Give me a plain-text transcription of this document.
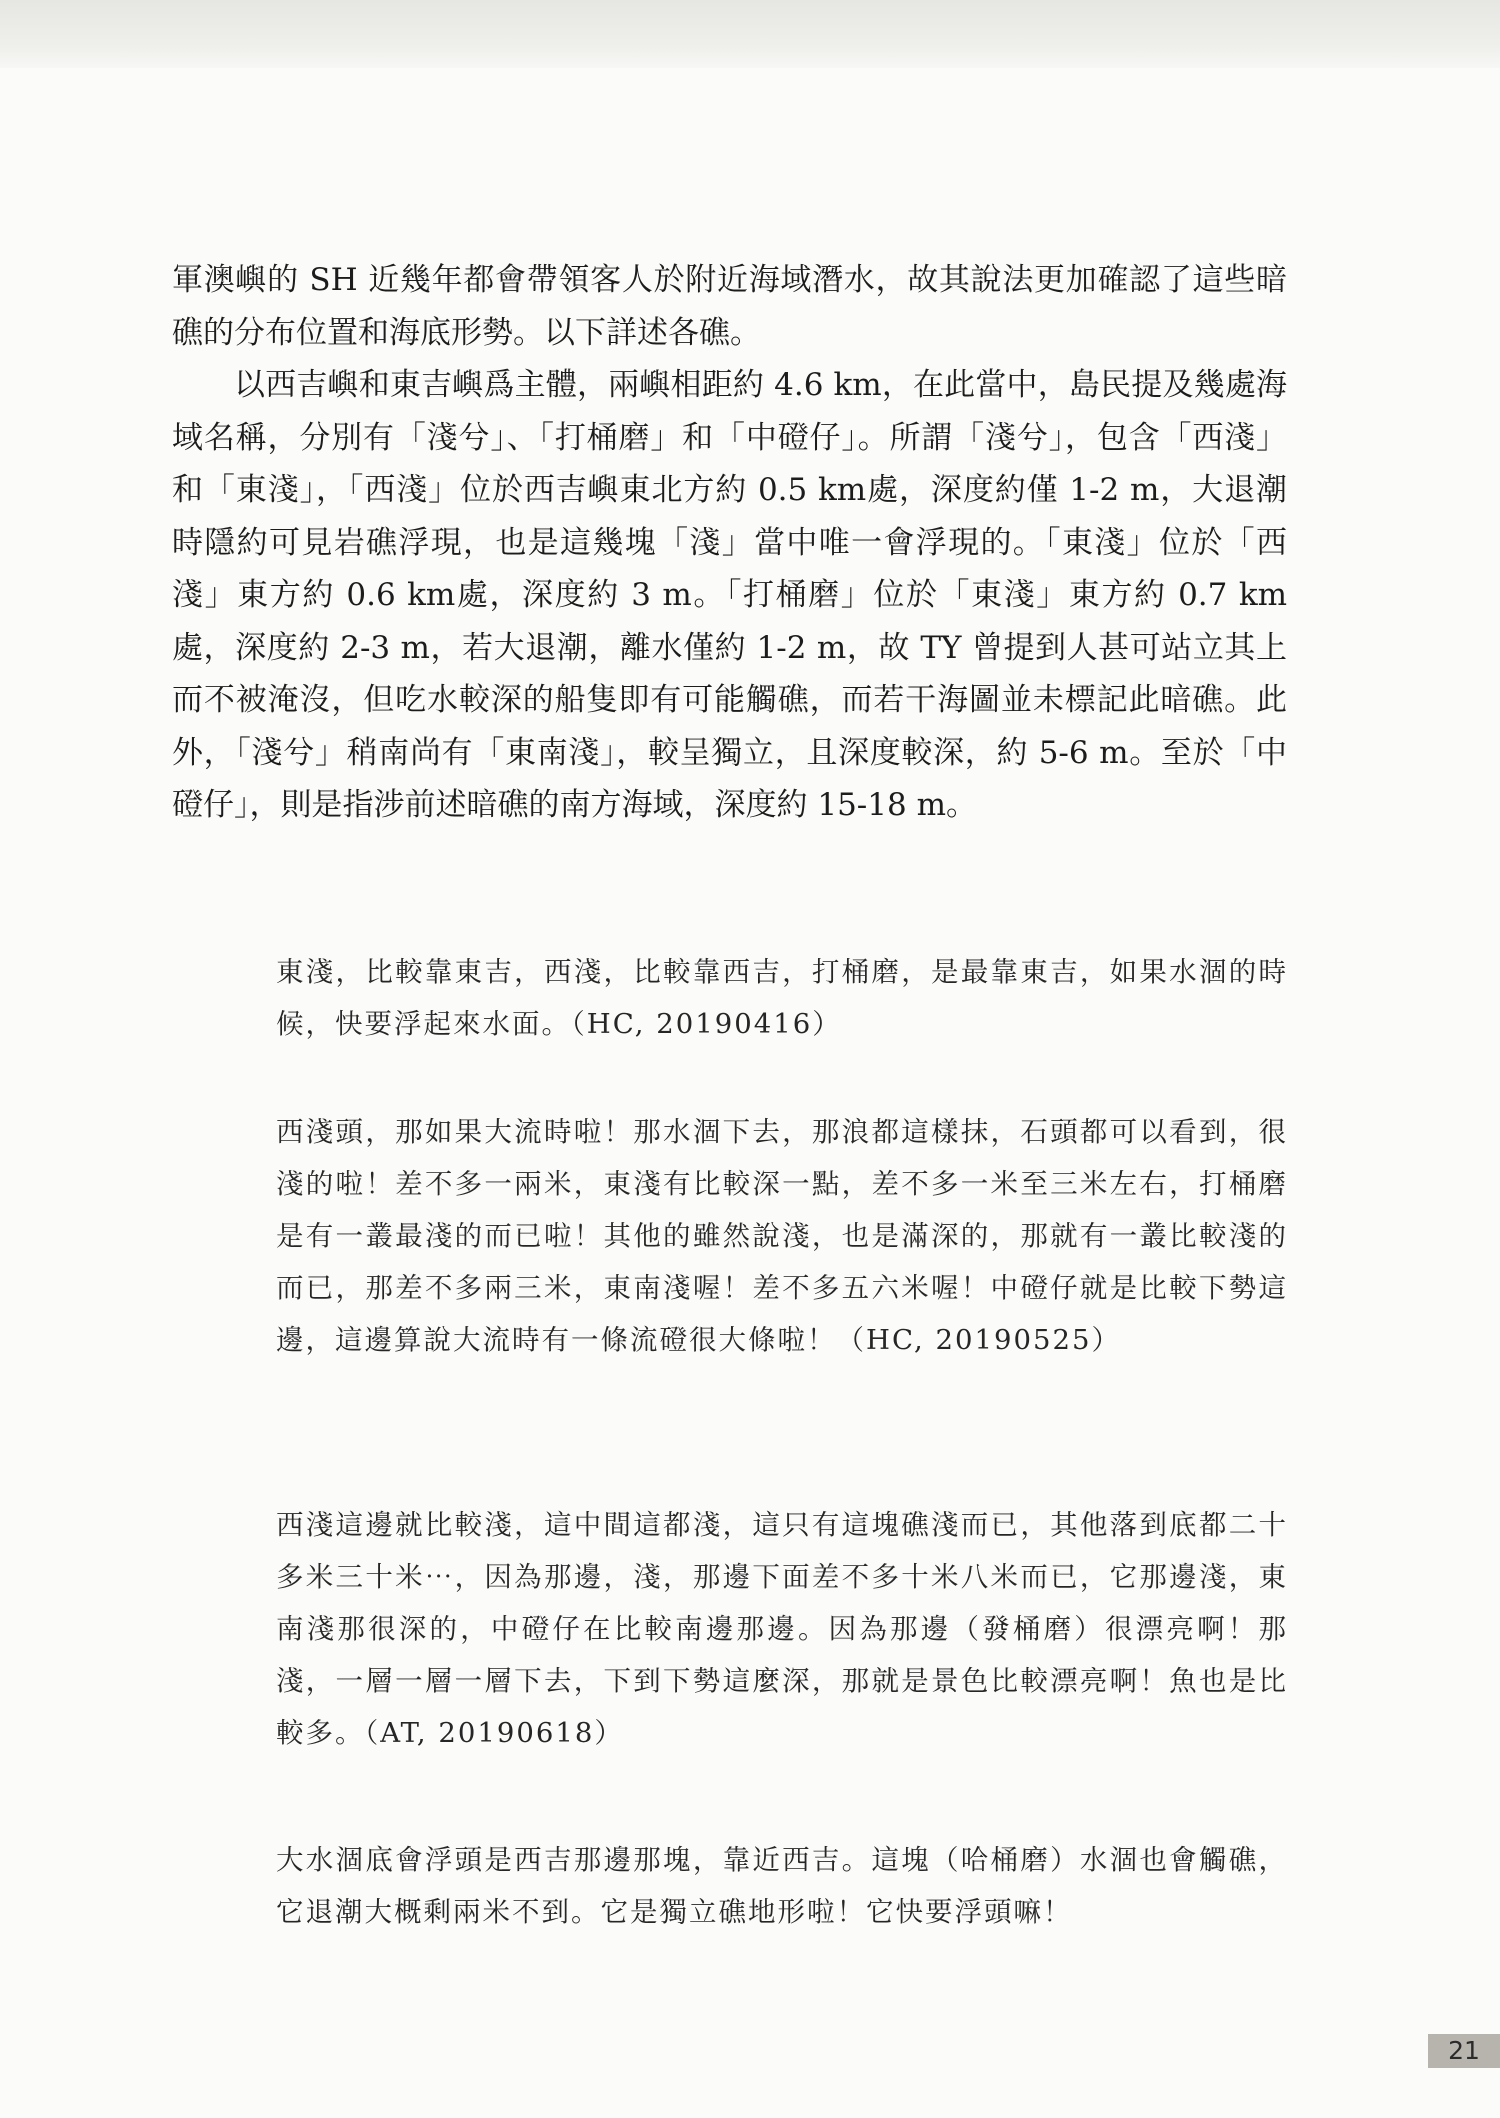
軍澳嶼的 SH 近幾年都會帶領客人於附近海域潛水，故其說法更加確認了這些暗礁的分布位置和海底形勢。以下詳述各礁。

以西吉嶼和東吉嶼爲主體，兩嶼相距約 4.6 km，在此當中，島民提及幾處海域名稱，分別有「淺兮」、「打桶磨」和「中磴仔」。所謂「淺兮」，包含「西淺」和「東淺」，「西淺」位於西吉嶼東北方約 0.5 km處，深度約僅 1-2 m，大退潮時隱約可見岩礁浮現，也是這幾塊「淺」當中唯一會浮現的。「東淺」位於「西淺」東方約 0.6 km處，深度約 3 m。「打桶磨」位於「東淺」東方約 0.7 km處，深度約 2-3 m，若大退潮，離水僅約 1-2 m，故 TY 曾提到人甚可站立其上而不被淹沒，但吃水較深的船隻即有可能觸礁，而若干海圖並未標記此暗礁。此外，「淺兮」稍南尚有「東南淺」，較呈獨立，且深度較深，約 5-6 m。至於「中磴仔」，則是指涉前述暗礁的南方海域，深度約 15-18 m。

東淺，比較靠東吉，西淺，比較靠西吉，打桶磨，是最靠東吉，如果水涸的時候，快要浮起來水面。（HC, 20190416）

西淺頭，那如果大流時啦！那水涸下去，那浪都這樣抹，石頭都可以看到，很淺的啦！差不多一兩米，東淺有比較深一點，差不多一米至三米左右，打桶磨是有一叢最淺的而已啦！其他的雖然說淺，也是滿深的，那就有一叢比較淺的而已，那差不多兩三米，東南淺喔！差不多五六米喔！中磴仔就是比較下勢這邊，這邊算說大流時有一條流磴很大條啦！（HC, 20190525）

西淺這邊就比較淺，這中間這都淺，這只有這塊礁淺而已，其他落到底都二十多米三十米⋯，因為那邊，淺，那邊下面差不多十米八米而已，它那邊淺，東南淺那很深的，中磴仔在比較南邊那邊。因為那邊（發桶磨）很漂亮啊！那淺，一層一層一層下去，下到下勢這麼深，那就是景色比較漂亮啊！魚也是比較多。（AT, 20190618）

大水涸底會浮頭是西吉那邊那塊，靠近西吉。這塊（哈桶磨）水涸也會觸礁，它退潮大概剩兩米不到。它是獨立礁地形啦！它快要浮頭嘛！

21
